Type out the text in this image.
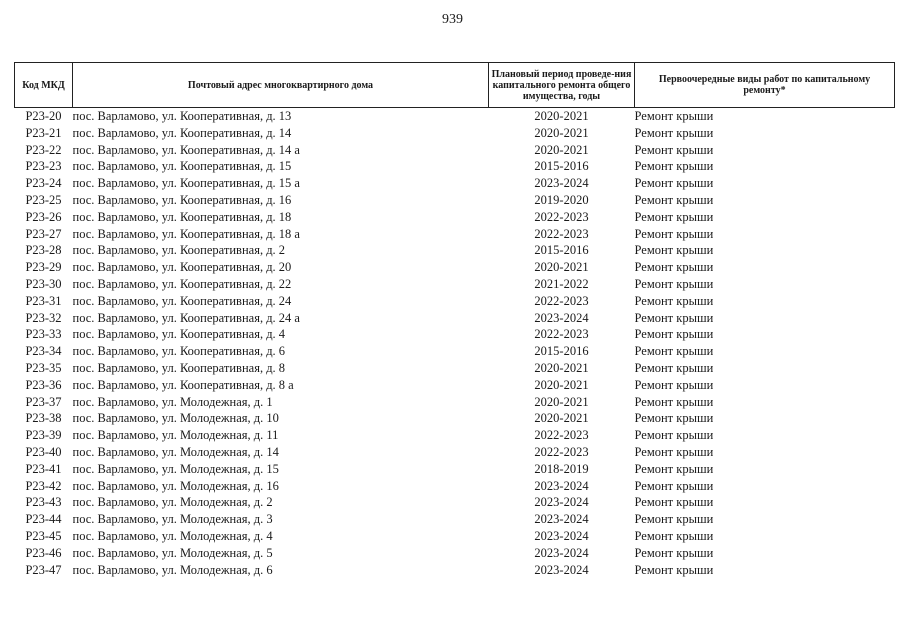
939
Код МКД	Почтовый адрес многоквартирного дома	Плановый период проведе-ния капитального ремонта общего имущества, годы	Первоочередные виды работ по капитальному ремонту*
Р23-20	пос. Варламово, ул. Кооперативная, д. 13	2020-2021	Ремонт крыши
Р23-21	пос. Варламово, ул. Кооперативная, д. 14	2020-2021	Ремонт крыши
Р23-22	пос. Варламово, ул. Кооперативная, д. 14 а	2020-2021	Ремонт крыши
Р23-23	пос. Варламово, ул. Кооперативная, д. 15	2015-2016	Ремонт крыши
Р23-24	пос. Варламово, ул. Кооперативная, д. 15 а	2023-2024	Ремонт крыши
Р23-25	пос. Варламово, ул. Кооперативная, д. 16	2019-2020	Ремонт крыши
Р23-26	пос. Варламово, ул. Кооперативная, д. 18	2022-2023	Ремонт крыши
Р23-27	пос. Варламово, ул. Кооперативная, д. 18 а	2022-2023	Ремонт крыши
Р23-28	пос. Варламово, ул. Кооперативная, д. 2	2015-2016	Ремонт крыши
Р23-29	пос. Варламово, ул. Кооперативная, д. 20	2020-2021	Ремонт крыши
Р23-30	пос. Варламово, ул. Кооперативная, д. 22	2021-2022	Ремонт крыши
Р23-31	пос. Варламово, ул. Кооперативная, д. 24	2022-2023	Ремонт крыши
Р23-32	пос. Варламово, ул. Кооперативная, д. 24 а	2023-2024	Ремонт крыши
Р23-33	пос. Варламово, ул. Кооперативная, д. 4	2022-2023	Ремонт крыши
Р23-34	пос. Варламово, ул. Кооперативная, д. 6	2015-2016	Ремонт крыши
Р23-35	пос. Варламово, ул. Кооперативная, д. 8	2020-2021	Ремонт крыши
Р23-36	пос. Варламово, ул. Кооперативная, д. 8 а	2020-2021	Ремонт крыши
Р23-37	пос. Варламово, ул. Молодежная, д. 1	2020-2021	Ремонт крыши
Р23-38	пос. Варламово, ул. Молодежная, д. 10	2020-2021	Ремонт крыши
Р23-39	пос. Варламово, ул. Молодежная, д. 11	2022-2023	Ремонт крыши
Р23-40	пос. Варламово, ул. Молодежная, д. 14	2022-2023	Ремонт крыши
Р23-41	пос. Варламово, ул. Молодежная, д. 15	2018-2019	Ремонт крыши
Р23-42	пос. Варламово, ул. Молодежная, д. 16	2023-2024	Ремонт крыши
Р23-43	пос. Варламово, ул. Молодежная, д. 2	2023-2024	Ремонт крыши
Р23-44	пос. Варламово, ул. Молодежная, д. 3	2023-2024	Ремонт крыши
Р23-45	пос. Варламово, ул. Молодежная, д. 4	2023-2024	Ремонт крыши
Р23-46	пос. Варламово, ул. Молодежная, д. 5	2023-2024	Ремонт крыши
Р23-47	пос. Варламово, ул. Молодежная, д. 6	2023-2024	Ремонт крыши
